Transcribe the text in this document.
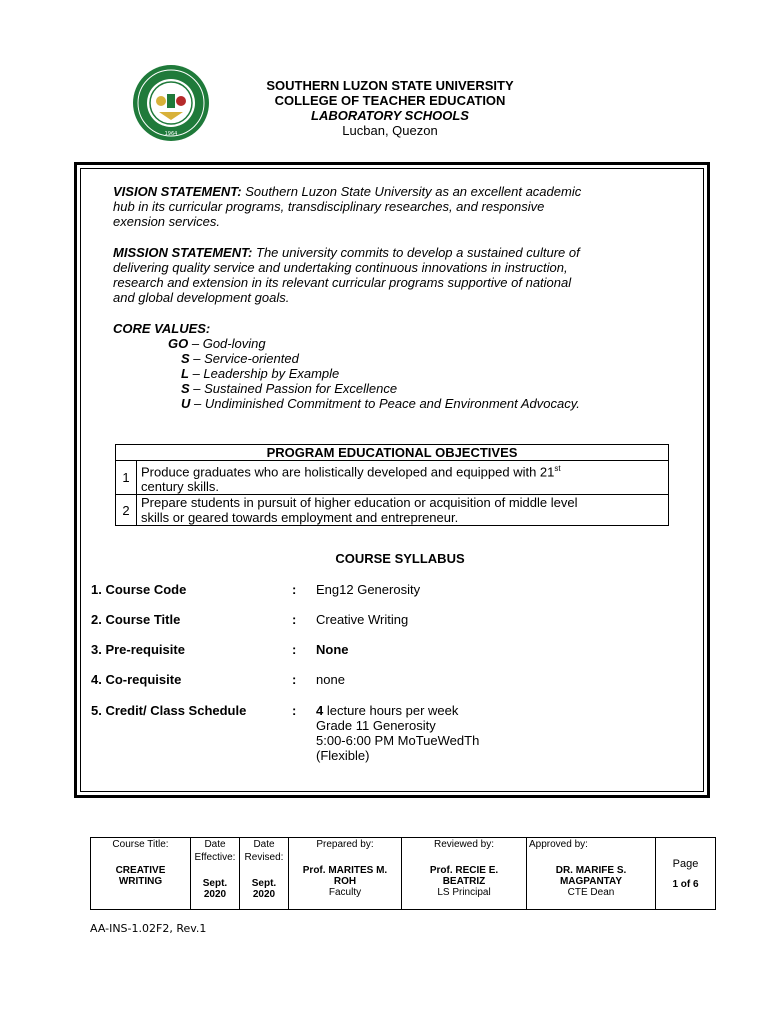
1964
SOUTHERN LUZON STATE UNIVERSITY
COLLEGE OF TEACHER EDUCATION
LABORATORY SCHOOLS
Lucban, Quezon
VISION STATEMENT: Southern Luzon State University as an excellent academic
hub in its curricular programs, transdisciplinary researches, and responsive
exension services.
MISSION STATEMENT: The university commits to develop a sustained culture of
delivering quality service and undertaking continuous innovations in instruction,
research and extension in its relevant curricular programs supportive of national
and global development goals.
CORE VALUES:
GO – God-loving
S – Service-oriented
L – Leadership by Example
S – Sustained Passion for Excellence
U – Undiminished Commitment to Peace and Environment Advocacy.
PROGRAM EDUCATIONAL OBJECTIVES	
1	Produce graduates who are holistically developed and equipped with 21st
century skills.

2	Prepare students in pursuit of higher education or acquisition of middle level
skills or geared towards employment and entrepreneur.
COURSE SYLLABUS
1. Course Code	: Eng12 Generosity
2. Course Title	: Creative Writing
3. Pre-requisite	: None
4. Co-requisite	: none
5. Credit/ Class Schedule	: 4 lecture hours per week
Grade 11 Generosity
5:00-6:00 PM MoTueWedTh
(Flexible)
Course Title:
CREATIVE
WRITING

Date
Effective:
Sept.
2020

Date
Revised:
Sept.
2020

Prepared by:
Prof. MARITES M.
ROH
Faculty

Reviewed by:
Prof. RECIE E.
BEATRIZ
LS Principal

Approved by:
DR. MARIFE S.
MAGPANTAY
CTE Dean

Page
1 of 6
AA-INS-1.02F2, Rev.1
